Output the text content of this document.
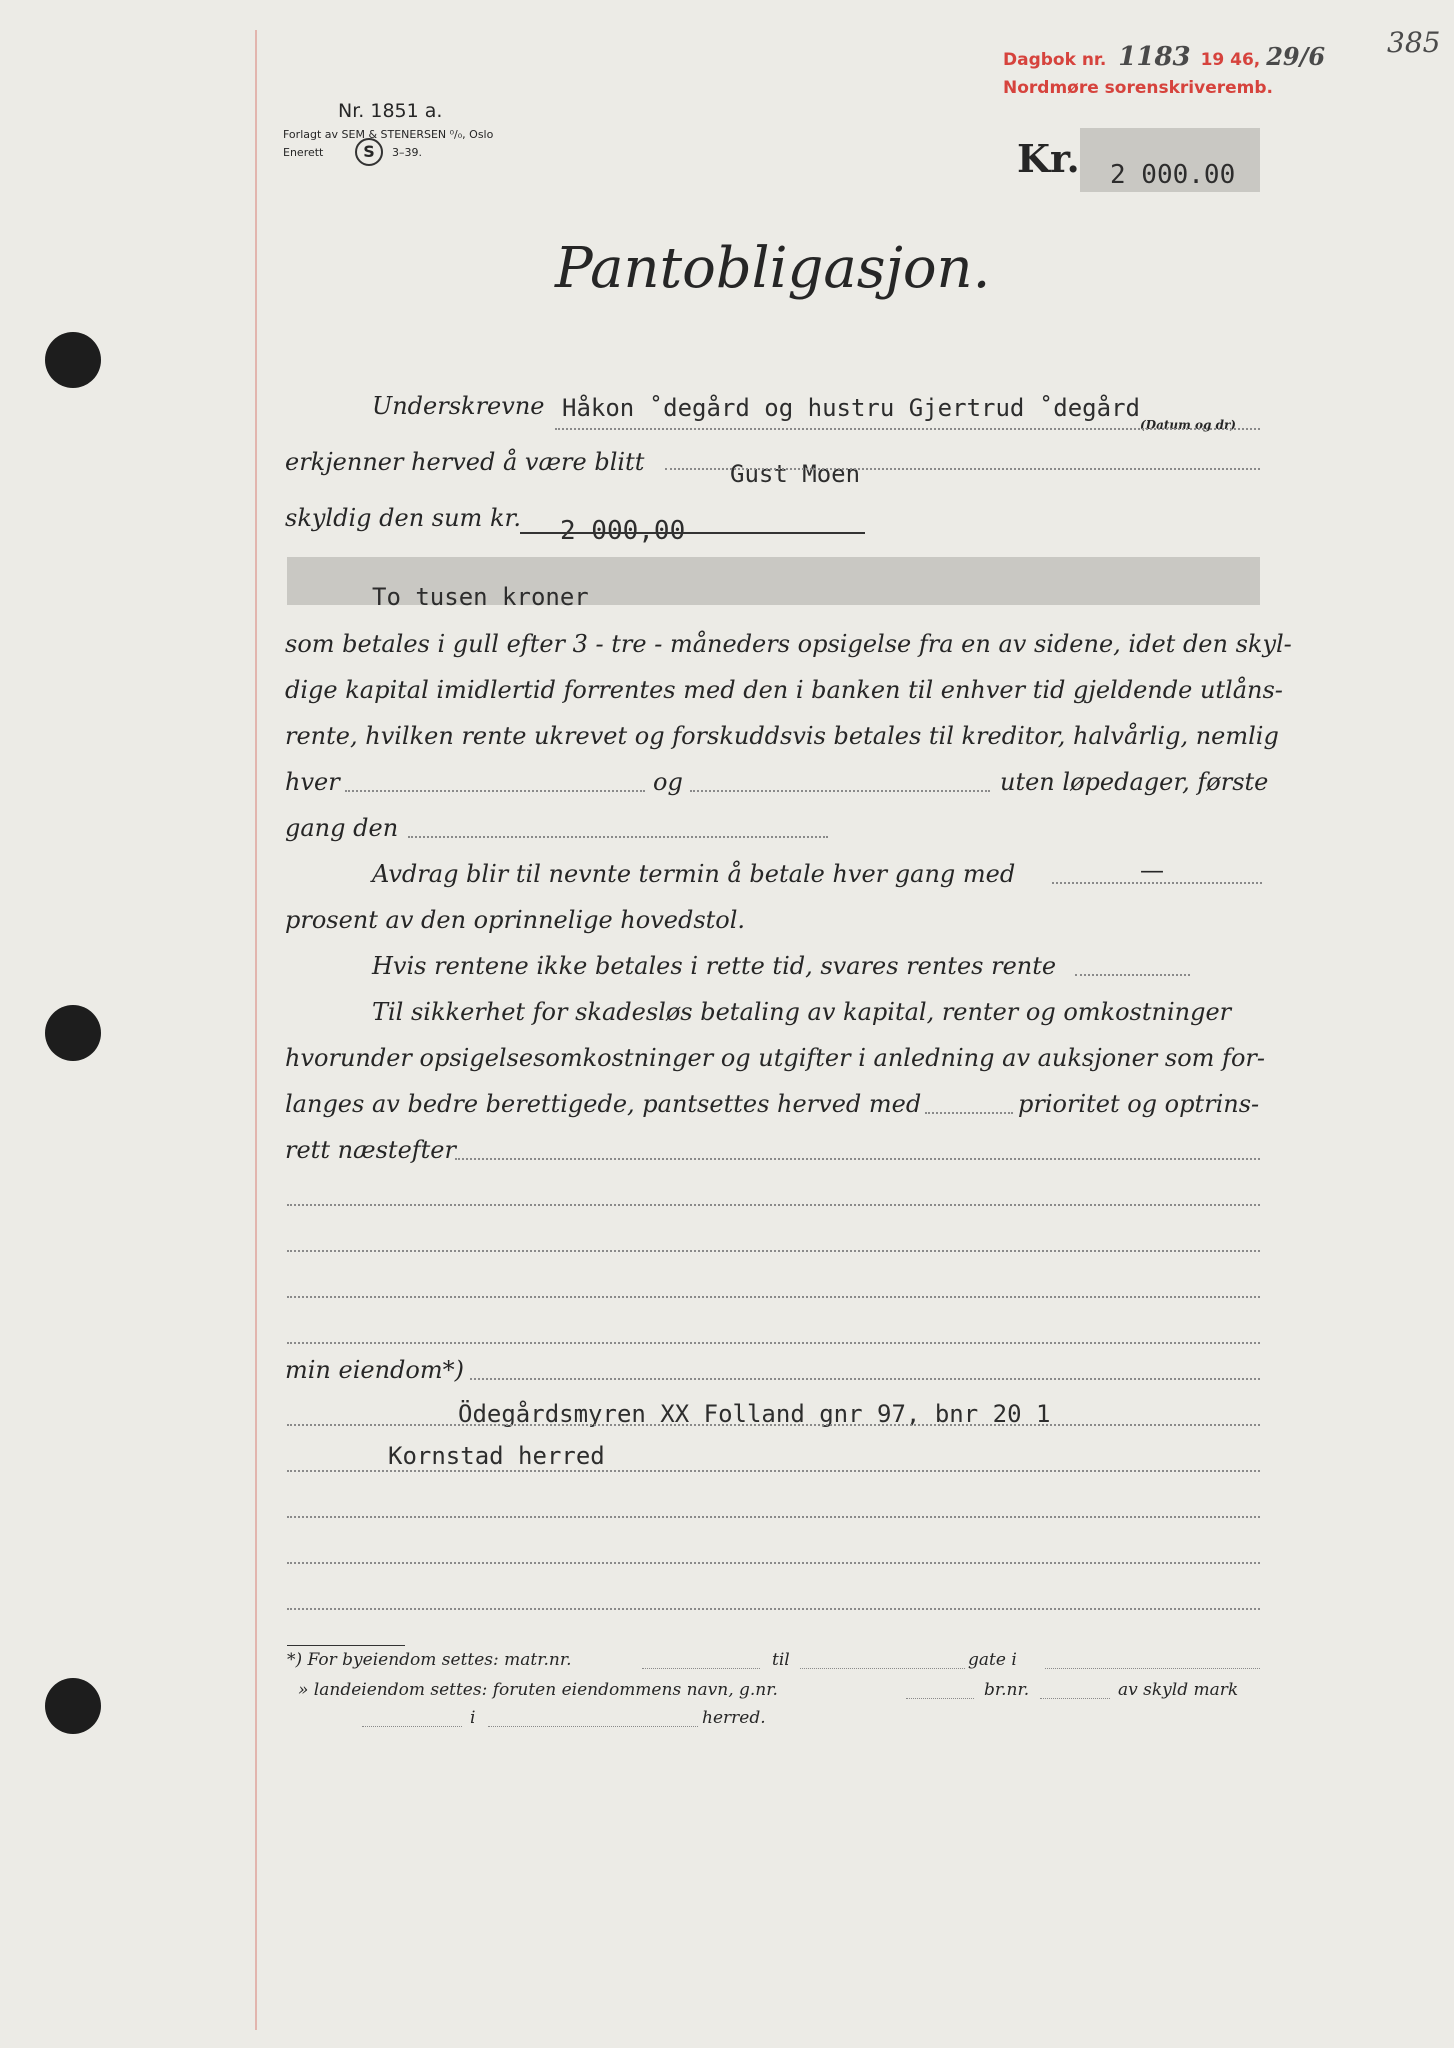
Nr. 1851 a.
Forlagt av SEM & STENERSEN ⁰/₀, Oslo
Enerett	S	3–39.
Dagbok nr. 1183 19 46, 29/6
Nordmøre sorenskriveremb.
385
Kr. 2 000.00
Pantobligasjon.
Underskrevne Håkon ˚degård og hustru Gjertrud ˚degård
(Datum og dr)
erkjenner herved å være blitt	Gust Moen
skyldig den sum kr. 2 000,00
To tusen kroner
som betales i gull efter 3 - tre - måneders opsigelse fra en av sidene, idet den skyl-
dige kapital imidlertid forrentes med den i banken til enhver tid gjeldende utlåns-
rente, hvilken rente ukrevet og forskuddsvis betales til kreditor, halvårlig, nemlig
hver	og	uten løpedager, første
gang den
Avdrag blir til nevnte termin å betale hver gang med	—
prosent av den oprinnelige hovedstol.
Hvis rentene ikke betales i rette tid, svares rentes rente
Til sikkerhet for skadesløs betaling av kapital, renter og omkostninger
hvorunder opsigelsesomkostninger og utgifter i anledning av auksjoner som for-
langes av bedre berettigede, pantsettes herved med	prioritet og optrins-
rett næstefter
min eiendom*)
Ödegårdsmyren XX Folland gnr 97, bnr 20 1
Kornstad herred
*) For byeiendom settes: matr.nr.	til	gate i
» landeiendom settes: foruten eiendommens navn, g.nr.	br.nr.	av skyld mark
i	herred.
